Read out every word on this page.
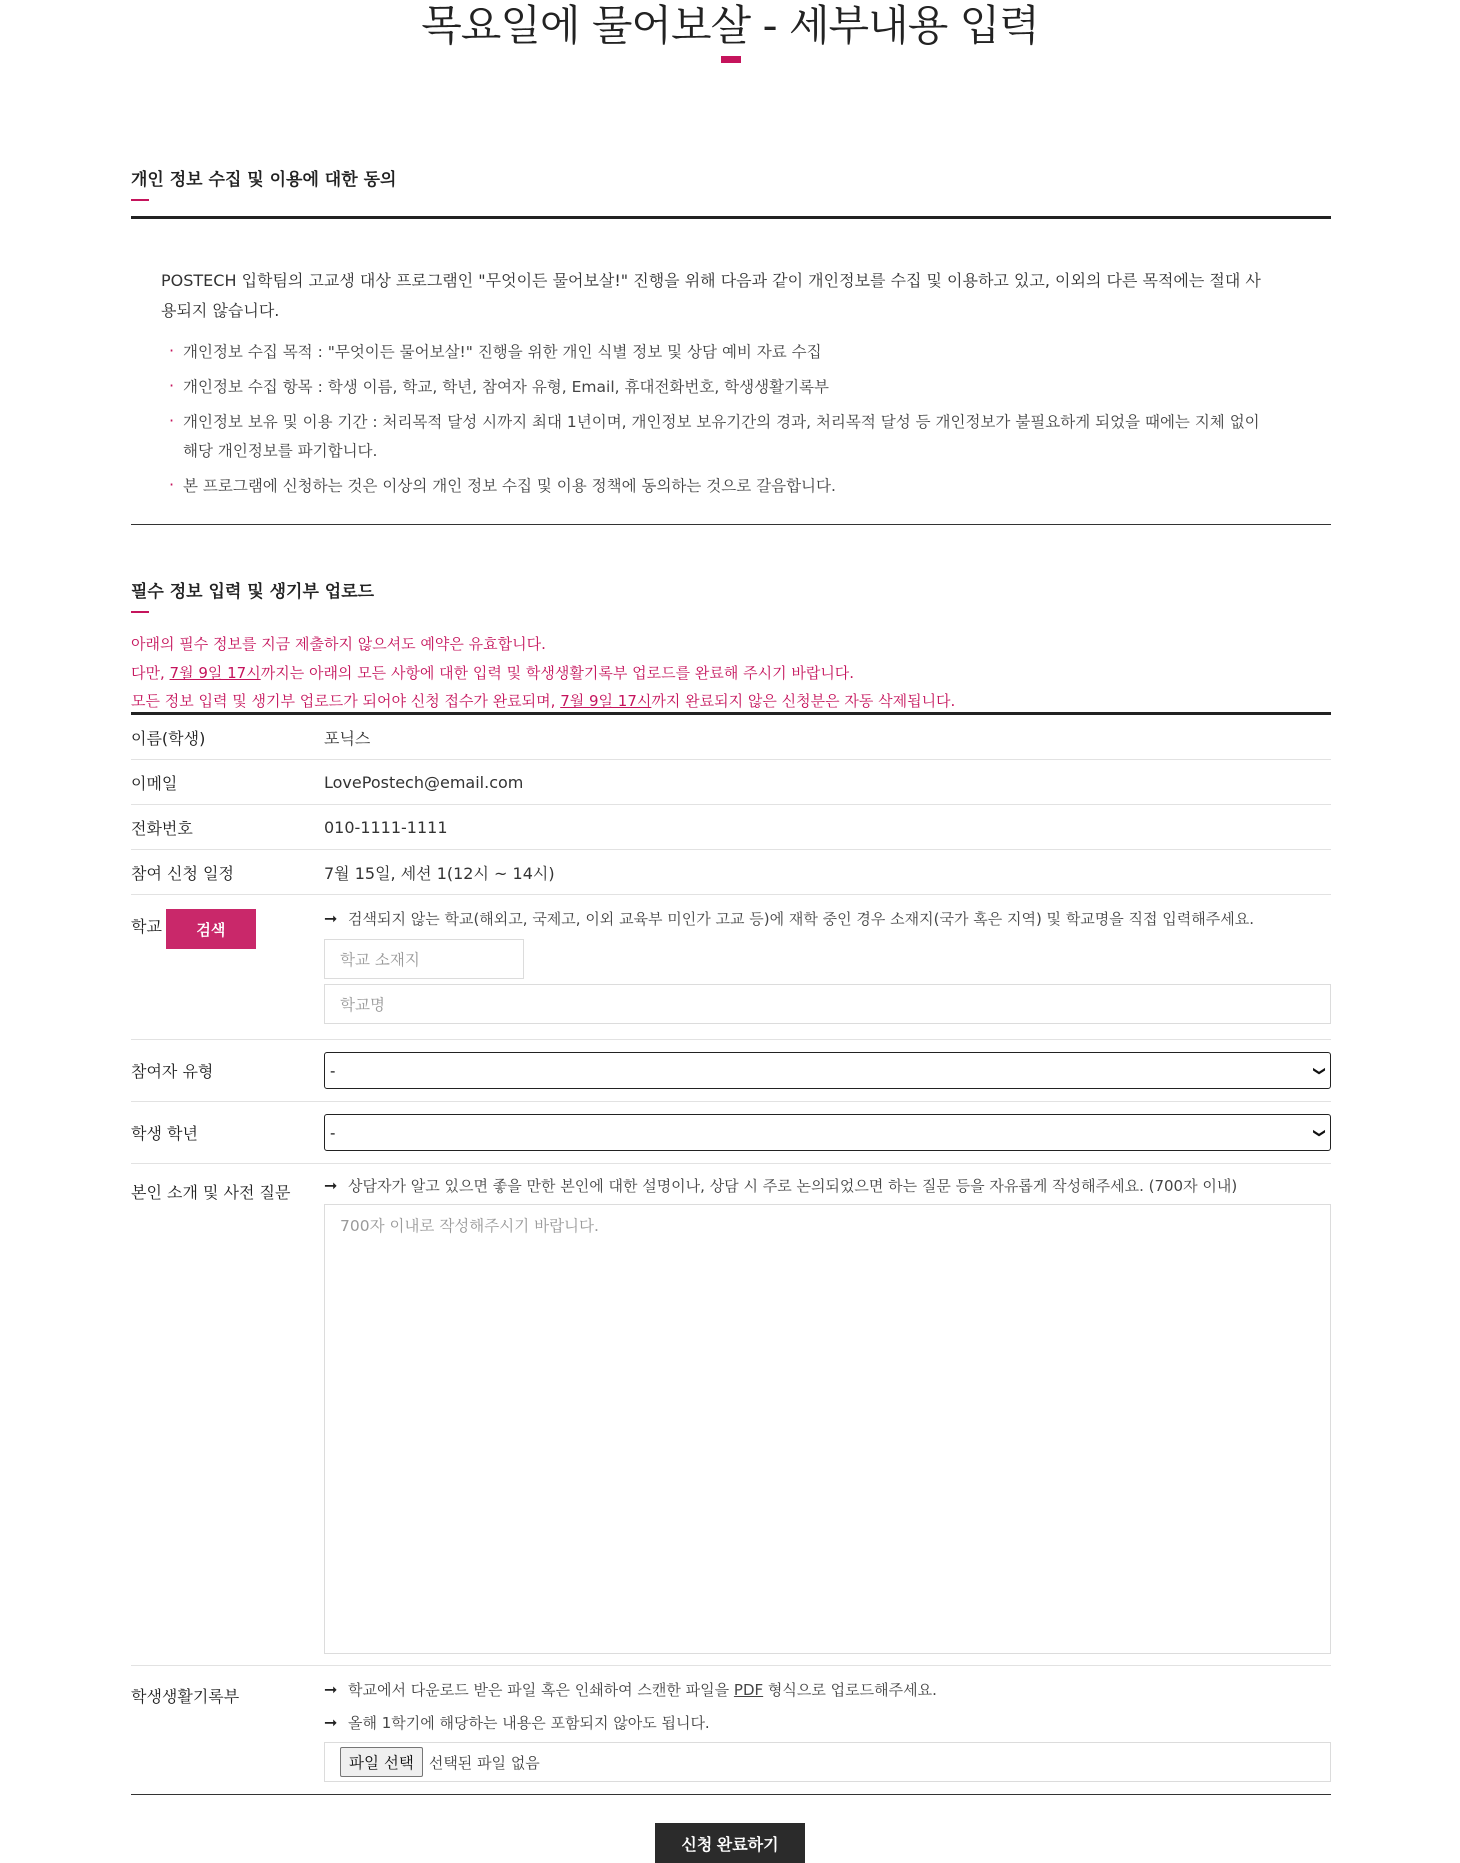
목요일에 물어보살 - 세부내용 입력
개인 정보 수집 및 이용에 대한 동의

POSTECH 입학팀의 고교생 대상 프로그램인 "무엇이든 물어보살!" 진행을 위해 다음과 같이 개인정보를 수집 및 이용하고 있고, 이외의 다른 목적에는 절대 사용되지 않습니다.

· 개인정보 수집 목적 : "무엇이든 물어보살!" 진행을 위한 개인 식별 정보 및 상담 예비 자료 수집
· 개인정보 수집 항목 : 학생 이름, 학교, 학년, 참여자 유형, Email, 휴대전화번호, 학생생활기록부
· 개인정보 보유 및 이용 기간 : 처리목적 달성 시까지 최대 1년이며, 개인정보 보유기간의 경과, 처리목적 달성 등 개인정보가 불필요하게 되었을 때에는 지체 없이 해당 개인정보를 파기합니다.
· 본 프로그램에 신청하는 것은 이상의 개인 정보 수집 및 이용 정책에 동의하는 것으로 갈음합니다.
필수 정보 입력 및 생기부 업로드
아래의 필수 정보를 지금 제출하지 않으셔도 예약은 유효합니다.
다만, 7월 9일 17시까지는 아래의 모든 사항에 대한 입력 및 학생생활기록부 업로드를 완료해 주시기 바랍니다.
모든 정보 입력 및 생기부 업로드가 되어야 신청 접수가 완료되며, 7월 9일 17시까지 완료되지 않은 신청분은 자동 삭제됩니다.
이름(학생)	포닉스
이메일	LovePostech@email.com
전화번호	010-1111-1111
참여 신청 일정	7월 15일, 세션 1(12시 ~ 14시)
학교	검색
➞ 검색되지 않는 학교(해외고, 국제고, 이외 교육부 미인가 고교 등)에 재학 중인 경우 소재지(국가 혹은 지역) 및 학교명을 직접 입력해주세요.
학교 소재지
학교명
참여자 유형	-	❯
학생 학년	-	❯
본인 소개 및 사전 질문	➞ 상담자가 알고 있으면 좋을 만한 본인에 대한 설명이나, 상담 시 주로 논의되었으면 하는 질문 등을 자유롭게 작성해주세요. (700자 이내)
700자 이내로 작성해주시기 바랍니다.
학생생활기록부	➞ 학교에서 다운로드 받은 파일 혹은 인쇄하여 스캔한 파일을 PDF 형식으로 업로드해주세요.
➞ 올해 1학기에 해당하는 내용은 포함되지 않아도 됩니다.
파일 선택	선택된 파일 없음
신청 완료하기
